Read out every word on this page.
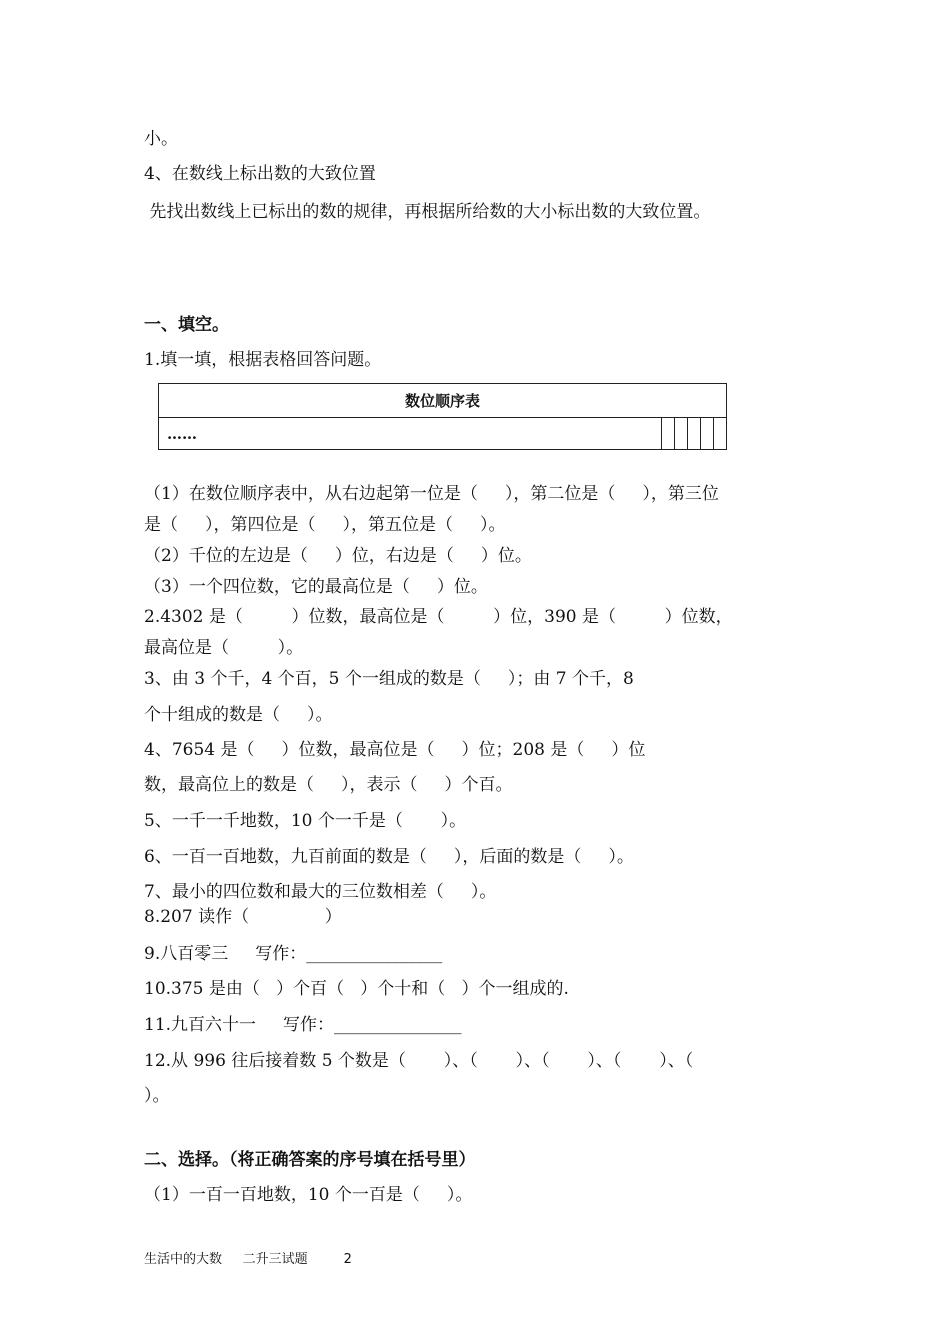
小。
4、在数线上标出数的大致位置
先找出数线上已标出的数的规律，再根据所给数的大小标出数的大致位置。
一、填空。
1.填一填，根据表格回答问题。
数位顺序表
……					
（1）在数位顺序表中，从右边起第一位是（     ），第二位是（     ），第三位
是（     ），第四位是（     ），第五位是（     ）。
（2）千位的左边是（     ）位，右边是（     ）位。
（3）一个四位数，它的最高位是（     ）位。
2.4302 是（         ）位数，最高位是（         ）位，390 是（         ）位数，
最高位是（         ）。
3、由 3 个千，4 个百，5 个一组成的数是（     ）；由 7 个千，8
个十组成的数是（     ）。
4、7654 是（     ）位数，最高位是（     ）位；208 是（     ）位
数，最高位上的数是（     ），表示（     ）个百。
5、一千一千地数，10 个一千是（       ）。
6、一百一百地数，九百前面的数是（     ），后面的数是（     ）。
7、最小的四位数和最大的三位数相差（     ）。
8.207 读作（              ）
9.八百零三     写作：________________
10.375 是由（   ）个百（   ）个十和（   ）个一组成的.
11.九百六十一     写作：_______________
12.从 996 往后接着数 5 个数是（       ）、（       ）、（       ）、（       ）、（
）。
二、选择。（将正确答案的序号填在括号里）
（1）一百一百地数，10 个一百是（     ）。
生活中的大数     二升三试题	2
